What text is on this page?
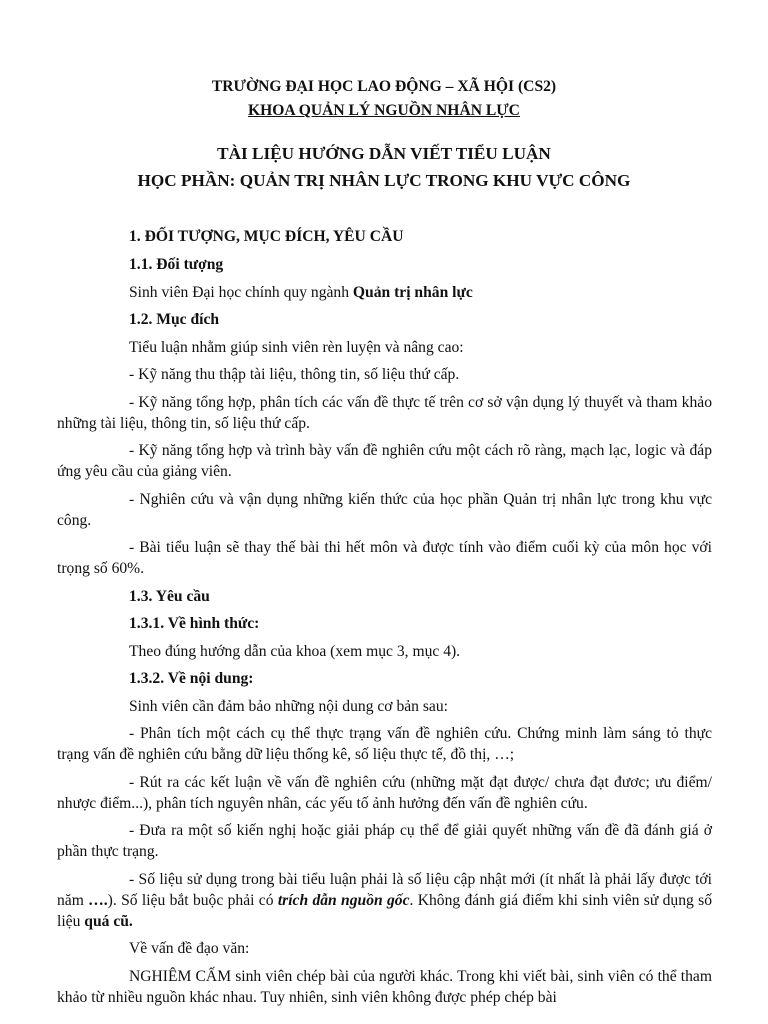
TRƯỜNG ĐẠI HỌC LAO ĐỘNG – XÃ HỘI (CS2)
KHOA QUẢN LÝ NGUỒN NHÂN LỰC
TÀI LIỆU HƯỚNG DẪN VIẾT TIỂU LUẬN
HỌC PHẦN: QUẢN TRỊ NHÂN LỰC TRONG KHU VỰC CÔNG

1. ĐỐI TƯỢNG, MỤC ĐÍCH, YÊU CẦU

1.1. Đối tượng

Sinh viên Đại học chính quy ngành Quản trị nhân lực

1.2. Mục đích

Tiểu luận nhằm giúp sinh viên rèn luyện và nâng cao:

- Kỹ năng thu thập tài liệu, thông tin, số liệu thứ cấp.

- Kỹ năng tổng hợp, phân tích các vấn đề thực tế trên cơ sở vận dụng lý thuyết và tham khảo những tài liệu, thông tin, số liệu thứ cấp.

- Kỹ năng tổng hợp và trình bày vấn đề nghiên cứu một cách rõ ràng, mạch lạc, logic và đáp ứng yêu cầu của giảng viên.

- Nghiên cứu và vận dụng những kiến thức của học phần Quản trị nhân lực trong khu vực công.

- Bài tiểu luận sẽ thay thế bài thi hết môn và được tính vào điểm cuối kỳ của môn học với trọng số 60%.

1.3. Yêu cầu

1.3.1. Về hình thức:

Theo đúng hướng dẫn của khoa (xem mục 3, mục 4).

1.3.2. Về nội dung:

Sinh viên cần đảm bảo những nội dung cơ bản sau:

- Phân tích một cách cụ thể thực trạng vấn đề nghiên cứu. Chứng minh làm sáng tỏ thực trạng vấn đề nghiên cứu bằng dữ liệu thống kê, số liệu thực tế, đồ thị, …;

- Rút ra các kết luận về vấn đề nghiên cứu (những mặt đạt được/ chưa đạt đươc; ưu điểm/ nhược điểm...), phân tích nguyên nhân, các yếu tố ảnh hưởng đến vấn đề nghiên cứu.

- Đưa ra một số kiến nghị hoặc giải pháp cụ thể để giải quyết những vấn đề đã đánh giá ở phần thực trạng.

- Số liệu sử dụng trong bài tiểu luận phải là số liệu cập nhật mới (ít nhất là phải lấy được tới năm ….). Số liệu bắt buộc phải có trích dẫn nguồn gốc. Không đánh giá điểm khi sinh viên sử dụng số liệu quá cũ.

Về vấn đề đạo văn:

NGHIÊM CẤM sinh viên chép bài của người khác. Trong khi viết bài, sinh viên có thể tham khảo từ nhiều nguồn khác nhau. Tuy nhiên, sinh viên không được phép chép bài
